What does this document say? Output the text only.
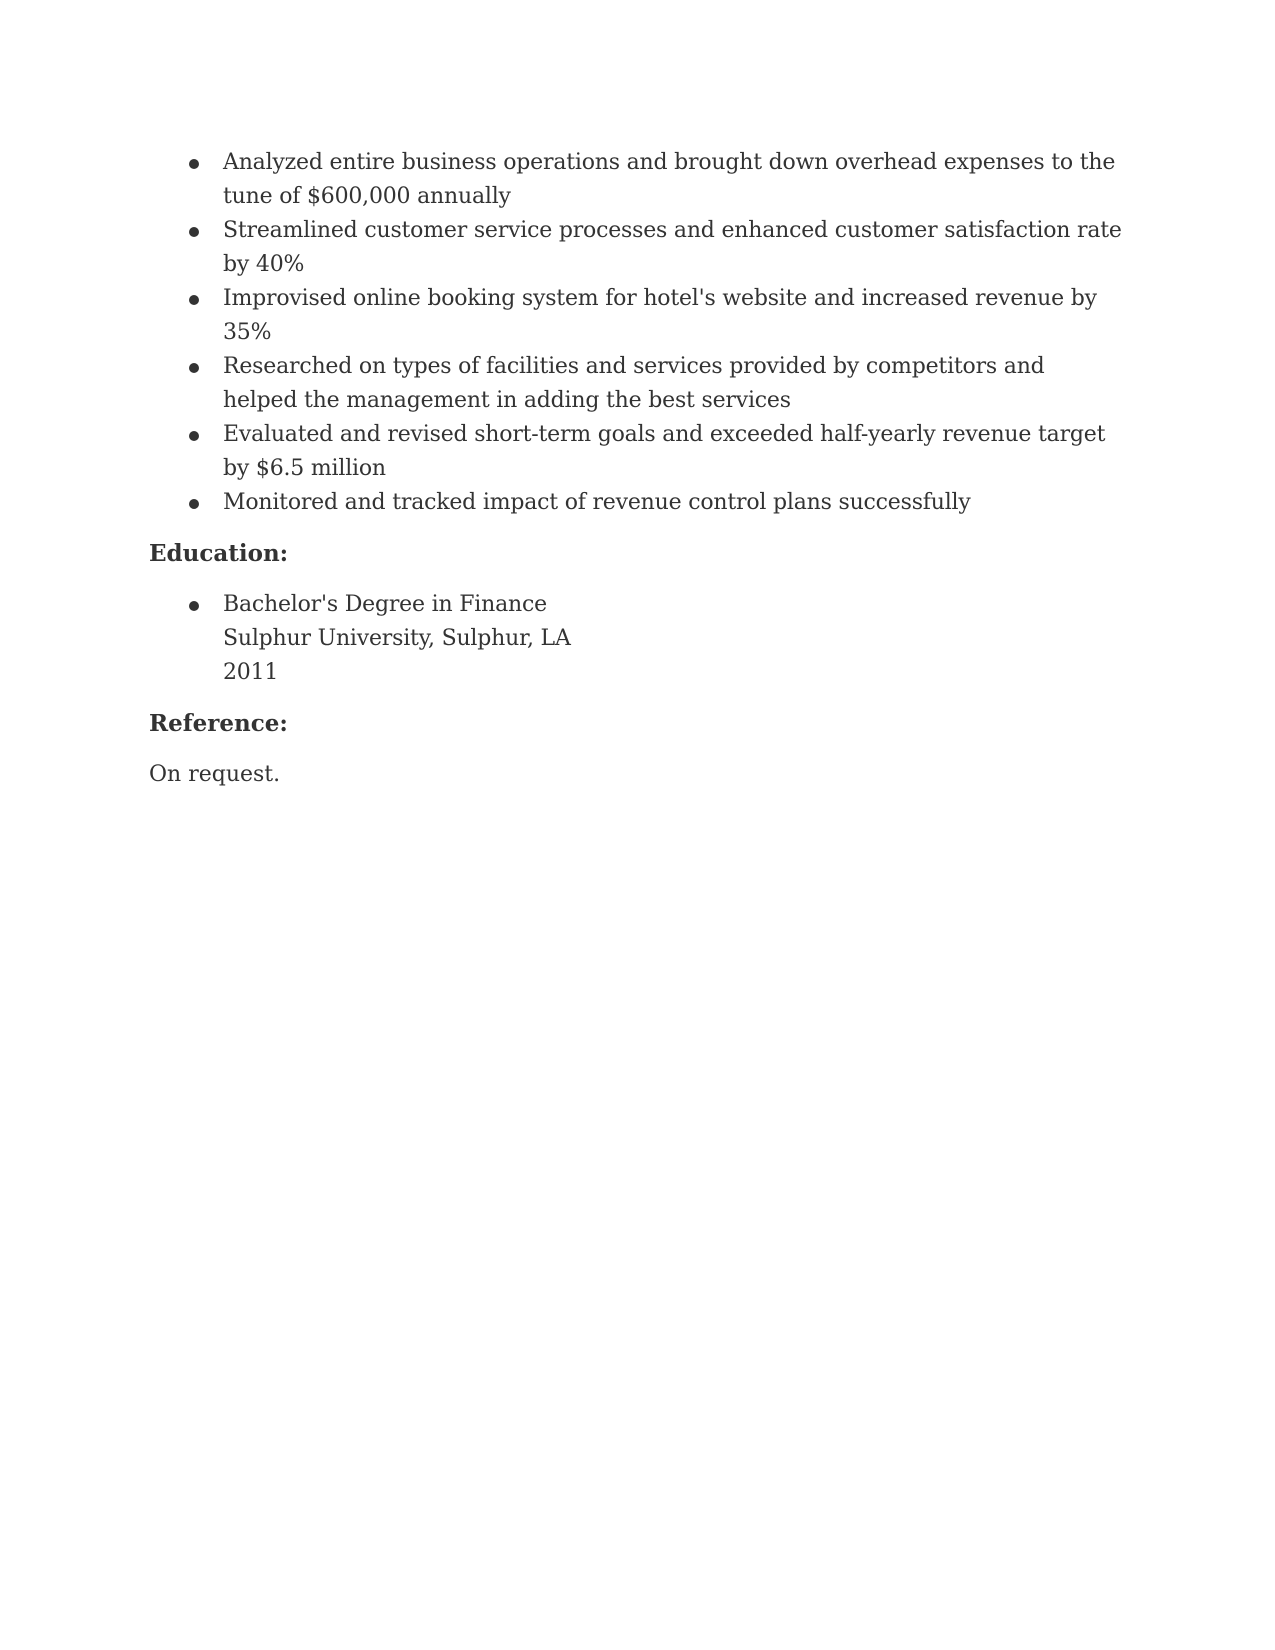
Analyzed entire business operations and brought down overhead expenses to the tune of $600,000 annually
Streamlined customer service processes and enhanced customer satisfaction rate by 40%
Improvised online booking system for hotel's website and increased revenue by 35%
Researched on types of facilities and services provided by competitors and helped the management in adding the best services
Evaluated and revised short-term goals and exceeded half-yearly revenue target by $6.5 million
Monitored and tracked impact of revenue control plans successfully
Education:
Bachelor's Degree in Finance
Sulphur University, Sulphur, LA
2011
Reference:

On request.
